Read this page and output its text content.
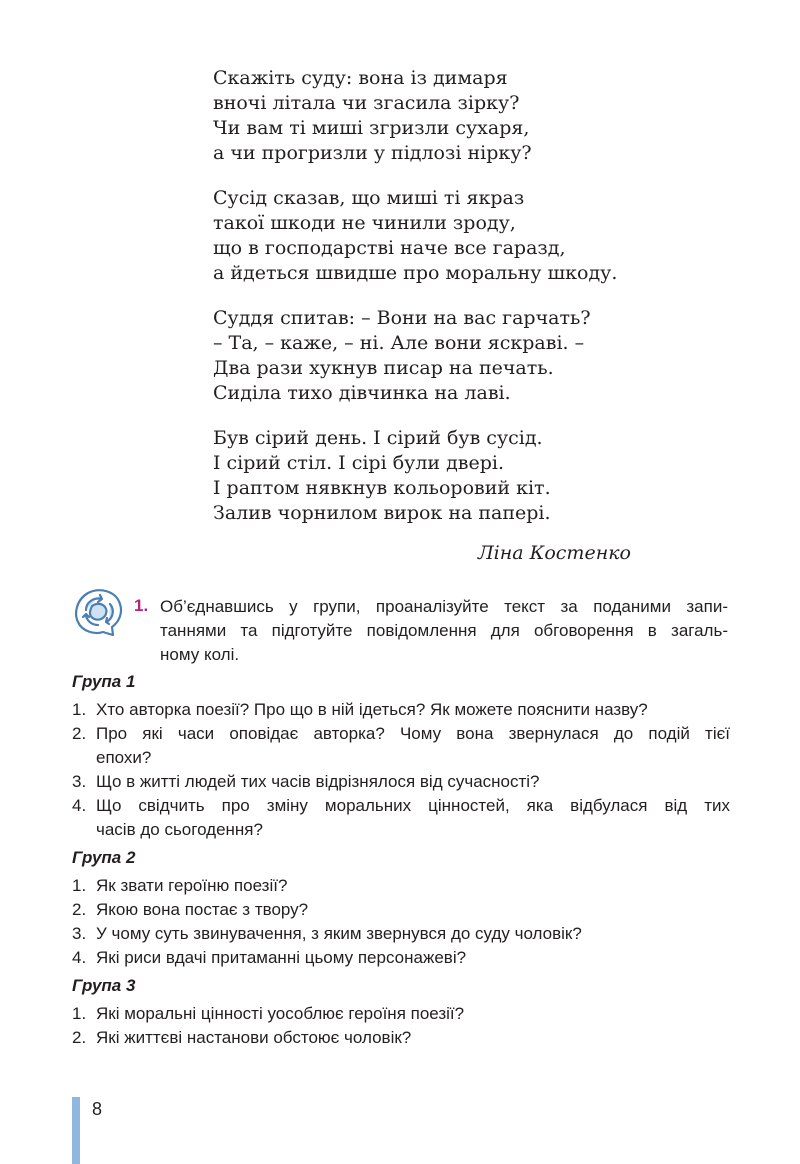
Скажіть суду: вона із димаря
вночі літала чи згасила зірку?
Чи вам ті миші згризли сухаря,
а чи прогризли у підлозі нірку?
Сусід сказав, що миші ті якраз
такої шкоди не чинили зроду,
що в господарстві наче все гаразд,
а йдеться швидше про моральну шкоду.
Суддя спитав: – Вони на вас гарчать?
– Та, – каже, – ні. Але вони яскраві. –
Два рази хукнув писар на печать.
Сиділа тихо дівчинка на лаві.
Був сірий день. І сірий був сусід.
І сірий стіл. І сірі були двері.
І раптом нявкнув кольоровий кіт.
Залив чорнилом вирок на папері.
Ліна Костенко
1. Об’єднавшись у групи, проаналізуйте текст за поданими запи-
таннями та підготуйте повідомлення для обговорення в загаль-
ному колі.
Група 1
1. Хто авторка поезії? Про що в ній ідеться? Як можете пояснити назву?
2. Про які часи оповідає авторка? Чому вона звернулася до подій тієї
епохи?
3. Що в житті людей тих часів відрізнялося від сучасності?
4. Що свідчить про зміну моральних цінностей, яка відбулася від тих
часів до сьогодення?
Група 2
1. Як звати героїню поезії?
2. Якою вона постає з твору?
3. У чому суть звинувачення, з яким звернувся до суду чоловік?
4. Які риси вдачі притаманні цьому персонажеві?
Група 3
1. Які моральні цінності уособлює героїня поезії?
2. Які життєві настанови обстоює чоловік?
8
